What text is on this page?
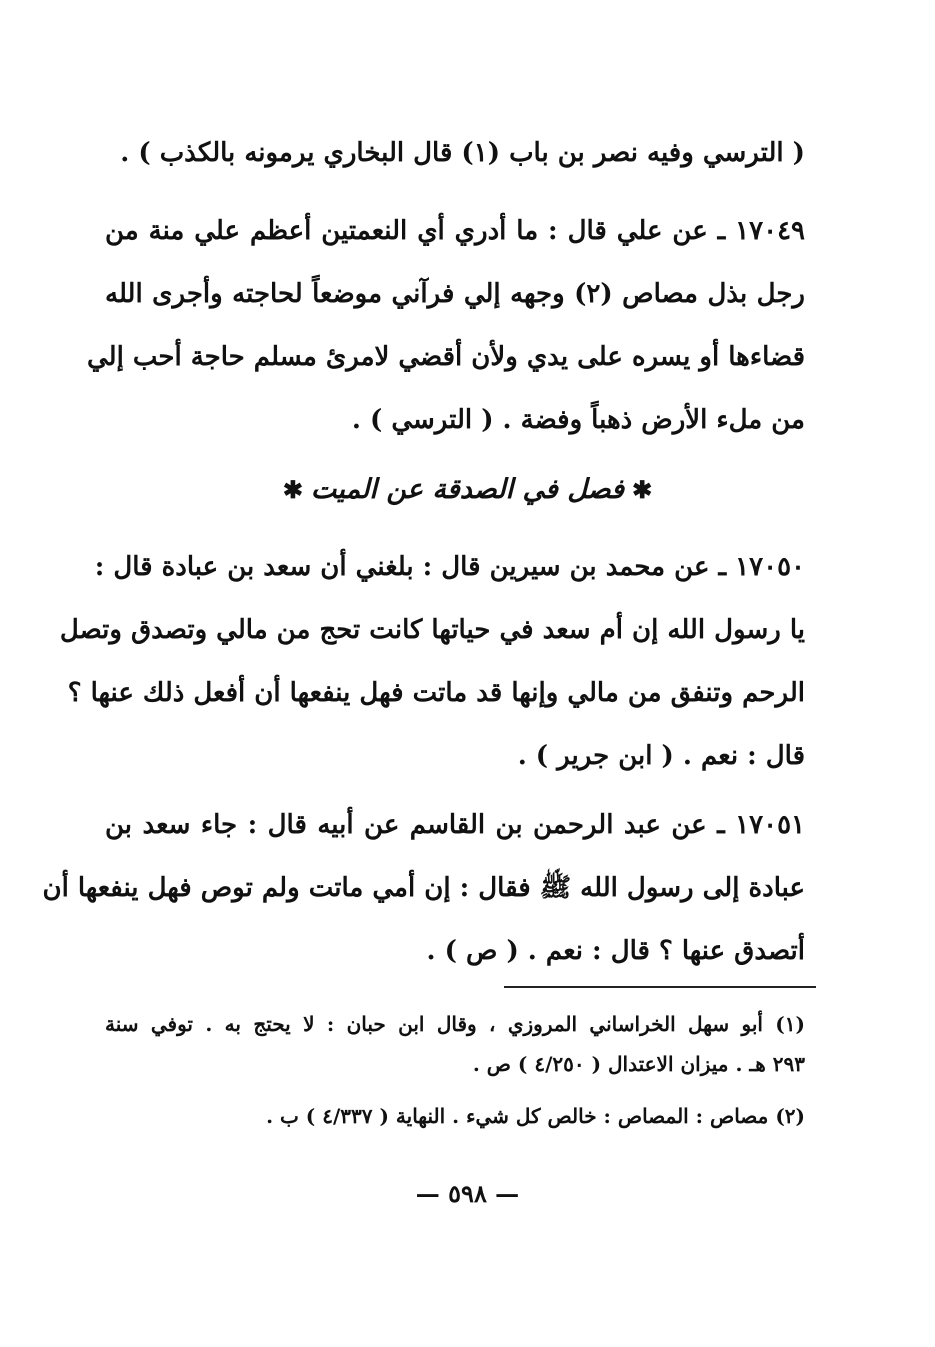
( الترسي وفيه نصر بن باب (١) قال البخاري يرمونه بالكذب ) .
١٧٠٤٩ ـ عن علي قال : ما أدري أي النعمتين أعظم علي منة من
رجل بذل مصاص (٢) وجهه إلي فرآني موضعاً لحاجته وأجرى الله
قضاءها أو يسره على يدي ولأن أقضي لامرئ مسلم حاجة أحب إلي
من ملء الأرض ذهباً وفضة . ( الترسي ) .
✱فصل في الصدقة عن الميت✱
١٧٠٥٠ ـ عن محمد بن سيرين قال : بلغني أن سعد بن عبادة قال :
يا رسول الله إن أم سعد في حياتها كانت تحج من مالي وتصدق وتصل
الرحم وتنفق من مالي وإنها قد ماتت فهل ينفعها أن أفعل ذلك عنها ؟
قال : نعم . ( ابن جرير ) .
١٧٠٥١ ـ عن عبد الرحمن بن القاسم عن أبيه قال : جاء سعد بن
عبادة إلى رسول الله ﷺ فقال : إن أمي ماتت ولم توص فهل ينفعها أن
أتصدق عنها ؟ قال : نعم . ( ص ) .
(١) أبو سهل الخراساني المروزي ، وقال ابن حبان : لا يحتج به . توفي سنة
٢٩٣ هـ . ميزان الاعتدال ( ٤/٢٥٠ ) ص .
(٢) مصاص : المصاص : خالص كل شيء . النهاية ( ٤/٣٣٧ ) ب .
— ٥٩٨ —
